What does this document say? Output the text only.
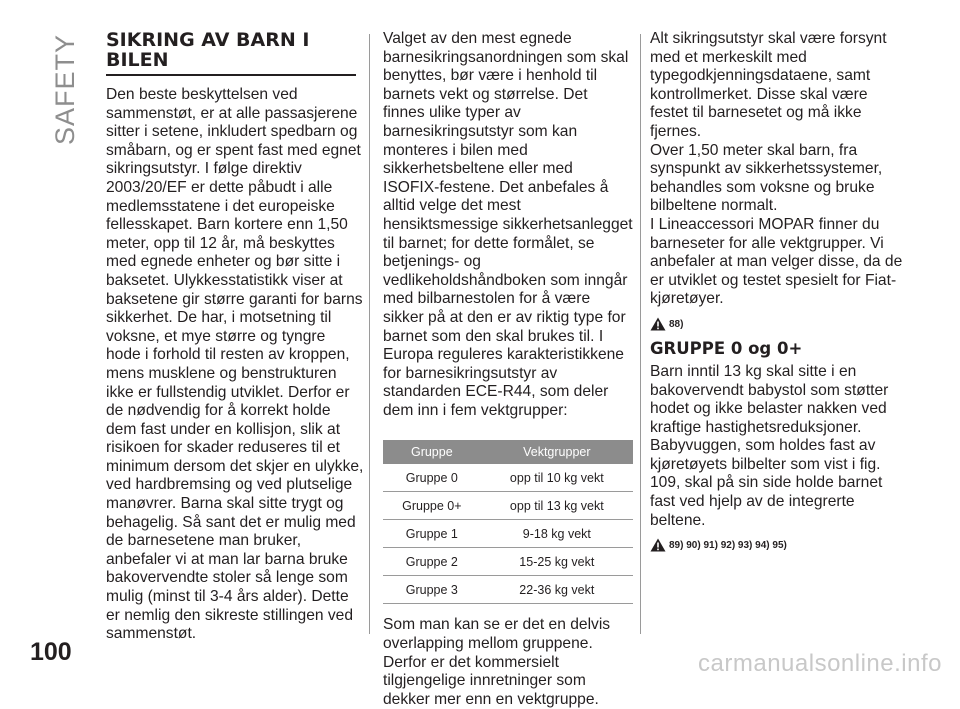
SAFETY SIKRING AV BARN I
BILEN

Den beste beskyttelsen ved sammenstøt, er at alle passasjerene sitter i setene, inkludert spedbarn og småbarn, og er spent fast med egnet sikringsutstyr. I følge direktiv 2003/20/EF er dette påbudt i alle medlemsstatene i det europeiske fellesskapet. Barn kortere enn 1,50 meter, opp til 12 år, må beskyttes med egnede enheter og bør sitte i baksetet. Ulykkesstatistikk viser at baksetene gir større garanti for barns sikkerhet. De har, i motsetning til voksne, et mye større og tyngre hode i forhold til resten av kroppen, mens musklene og benstrukturen ikke er fullstendig utviklet. Derfor er de nødvendig for å korrekt holde dem fast under en kollisjon, slik at risikoen for skader reduseres til et minimum dersom det skjer en ulykke, ved hardbremsing og ved plutselige manøvrer. Barna skal sitte trygt og behagelig. Så sant det er mulig med de barnesetene man bruker, anbefaler vi at man lar barna bruke bakovervendte stoler så lenge som mulig (minst til 3-4 års alder). Dette er nemlig den sikreste stillingen ved sammenstøt.

Valget av den mest egnede barnesikringsanordningen som skal benyttes, bør være i henhold til barnets vekt og størrelse. Det finnes ulike typer av barnesikringsutstyr som kan monteres i bilen med sikkerhetsbeltene eller med ISOFIX-festene. Det anbefales å alltid velge det mest hensiktsmessige sikkerhetsanlegget til barnet; for dette formålet, se betjenings- og vedlikeholdshåndboken som inngår med bilbarnestolen for å være sikker på at den er av riktig type for barnet som den skal brukes til. I Europa reguleres karakteristikkene for barnesikringsutstyr av standarden ECE-R44, som deler dem inn i fem vektgrupper:

Gruppe	Vektgrupper
Gruppe 0	opp til 10 kg vekt
Gruppe 0+	opp til 13 kg vekt
Gruppe 1	9-18 kg vekt
Gruppe 2	15-25 kg vekt
Gruppe 3	22-36 kg vekt

Som man kan se er det en delvis overlapping mellom gruppene. Derfor er det kommersielt tilgjengelige innretninger som dekker mer enn en vektgruppe.

Alt sikringsutstyr skal være forsynt med et merkeskilt med typegodkjenningsdataene, samt kontrollmerket. Disse skal være festet til barnesetet og må ikke fjernes.

Over 1,50 meter skal barn, fra synspunkt av sikkerhetssystemer, behandles som voksne og bruke bilbeltene normalt.

I Lineaccessori MOPAR finner du barneseter for alle vektgrupper. Vi anbefaler at man velger disse, da de er utviklet og testet spesielt for Fiat-kjøretøyer.

88)
GRUPPE 0 og 0+

Barn inntil 13 kg skal sitte i en bakovervendt babystol som støtter hodet og ikke belaster nakken ved kraftige hastighetsreduksjoner. Babyvuggen, som holdes fast av kjøretøyets bilbelter som vist i fig. 109, skal på sin side holde barnet fast ved hjelp av de integrerte beltene.

89) 90) 91) 92) 93) 94) 95)
100	carmanualsonline.info
